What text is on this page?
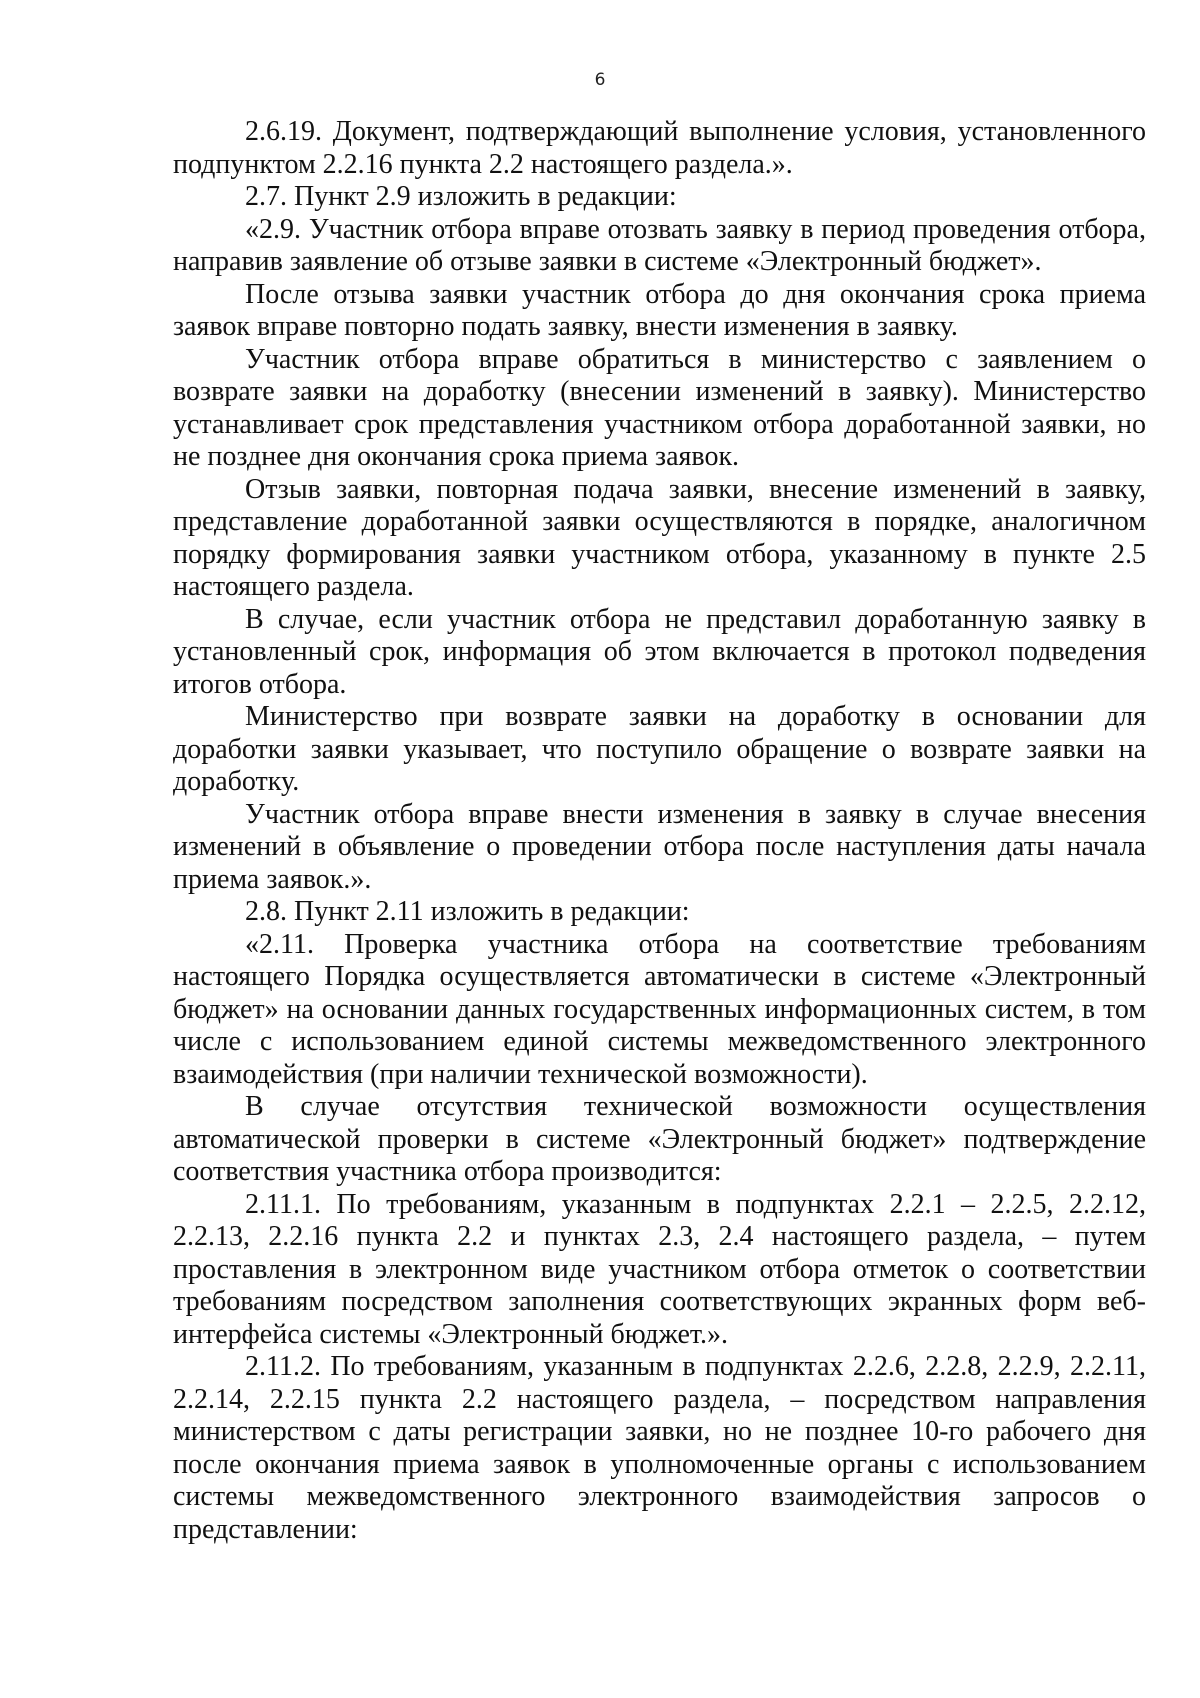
6

2.6.19. Документ, подтверждающий выполнение условия, установленного подпунктом 2.2.16 пункта 2.2 настоящего раздела.».

2.7. Пункт 2.9 изложить в редакции:

«2.9. Участник отбора вправе отозвать заявку в период проведения отбора, направив заявление об отзыве заявки в системе «Электронный бюджет».

После отзыва заявки участник отбора до дня окончания срока приема заявок вправе повторно подать заявку, внести изменения в заявку.

Участник отбора вправе обратиться в министерство с заявлением о возврате заявки на доработку (внесении изменений в заявку). Министерство устанавливает срок представления участником отбора доработанной заявки, но не позднее дня окончания срока приема заявок.

Отзыв заявки, повторная подача заявки, внесение изменений в заявку, представление доработанной заявки осуществляются в порядке, аналогичном порядку формирования заявки участником отбора, указанному в пункте 2.5 настоящего раздела.

В случае, если участник отбора не представил доработанную заявку в установленный срок, информация об этом включается в протокол подведения итогов отбора.

Министерство при возврате заявки на доработку в основании для доработки заявки указывает, что поступило обращение о возврате заявки на доработку.

Участник отбора вправе внести изменения в заявку в случае внесения изменений в объявление о проведении отбора после наступления даты начала приема заявок.».

2.8. Пункт 2.11 изложить в редакции:

«2.11. Проверка участника отбора на соответствие требованиям настоящего Порядка осуществляется автоматически в системе «Электронный бюджет» на основании данных государственных информационных систем, в том числе с использованием единой системы межведомственного электронного взаимодействия (при наличии технической возможности).

В случае отсутствия технической возможности осуществления автоматической проверки в системе «Электронный бюджет» подтверждение соответствия участника отбора производится:

2.11.1. По требованиям, указанным в подпунктах 2.2.1 – 2.2.5, 2.2.12, 2.2.13, 2.2.16 пункта 2.2 и пунктах 2.3, 2.4 настоящего раздела, – путем проставления в электронном виде участником отбора отметок о соответствии требованиям посредством заполнения соответствующих экранных форм веб-интерфейса системы «Электронный бюджет.».

2.11.2. По требованиям, указанным в подпунктах 2.2.6, 2.2.8, 2.2.9, 2.2.11, 2.2.14, 2.2.15 пункта 2.2 настоящего раздела, – посредством направления министерством с даты регистрации заявки, но не позднее 10-го рабочего дня после окончания приема заявок в уполномоченные органы с использованием системы межведомственного электронного взаимодействия запросов о представлении:
